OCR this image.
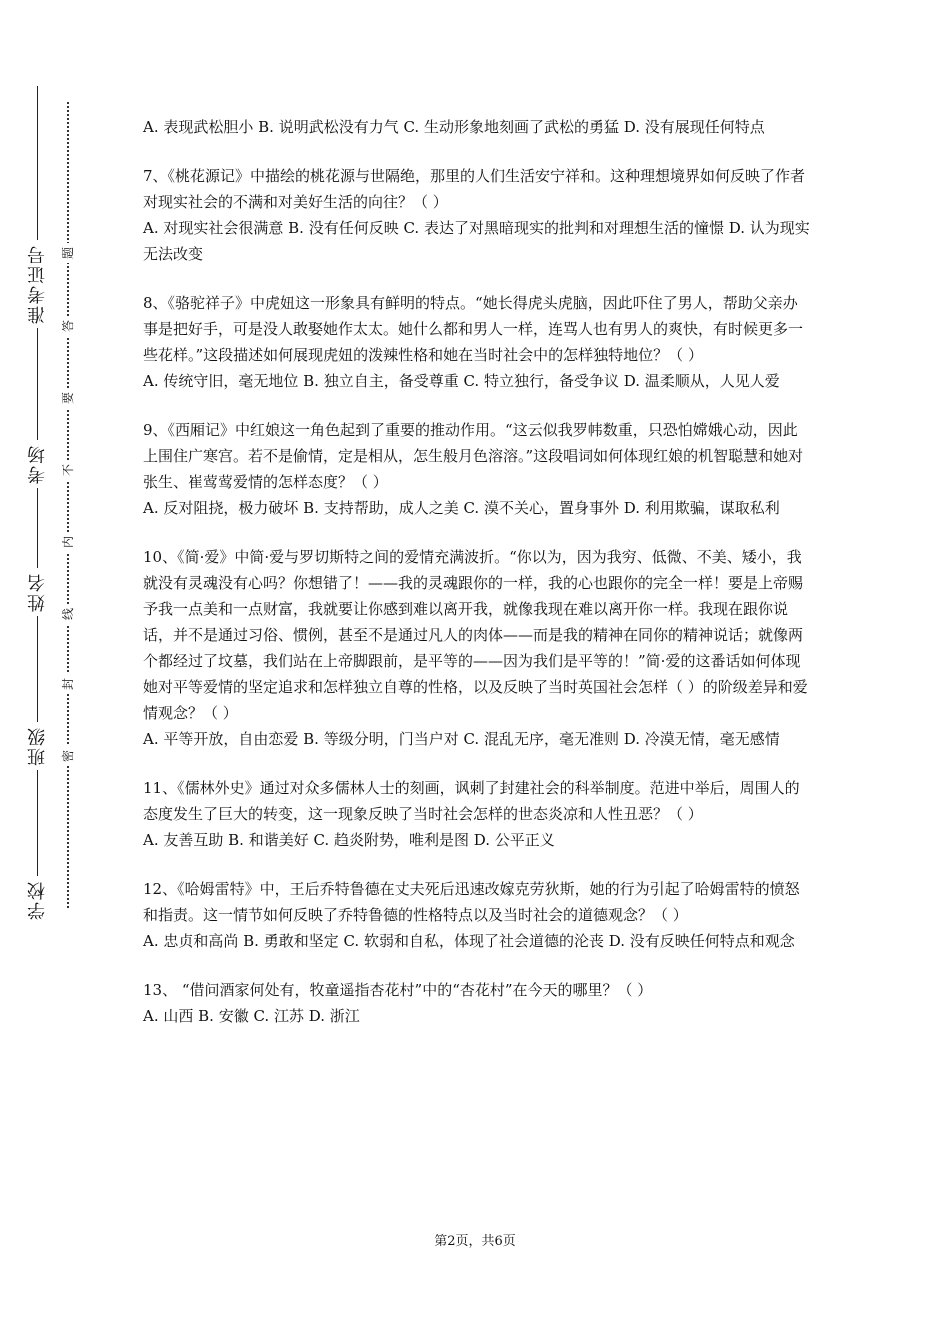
准考证号
考场
姓名
班级
学校
题
答
要
不
内
线
封
密

A. 表现武松胆小 B. 说明武松没有力气 C. 生动形象地刻画了武松的勇猛 D. 没有展现任何特点

7、《桃花源记》中描绘的桃花源与世隔绝，那里的人们生活安宁祥和。这种理想境界如何反映了作者对现实社会的不满和对美好生活的向往？（ ）

A. 对现实社会很满意 B. 没有任何反映 C. 表达了对黑暗现实的批判和对理想生活的憧憬 D. 认为现实无法改变

8、《骆驼祥子》中虎妞这一形象具有鲜明的特点。“她长得虎头虎脑，因此吓住了男人，帮助父亲办事是把好手，可是没人敢娶她作太太。她什么都和男人一样，连骂人也有男人的爽快，有时候更多一些花样。”这段描述如何展现虎妞的泼辣性格和她在当时社会中的怎样独特地位？（ ）

A. 传统守旧，毫无地位 B. 独立自主，备受尊重 C. 特立独行，备受争议 D. 温柔顺从，人见人爱

9、《西厢记》中红娘这一角色起到了重要的推动作用。“这云似我罗帏数重，只恐怕嫦娥心动，因此上围住广寒宫。若不是偷情，定是相从，怎生般月色溶溶。”这段唱词如何体现红娘的机智聪慧和她对张生、崔莺莺爱情的怎样态度？（ ）

A. 反对阻挠，极力破坏 B. 支持帮助，成人之美 C. 漠不关心，置身事外 D. 利用欺骗，谋取私利

10、《简·爱》中简·爱与罗切斯特之间的爱情充满波折。“你以为，因为我穷、低微、不美、矮小，我就没有灵魂没有心吗？你想错了！——我的灵魂跟你的一样，我的心也跟你的完全一样！要是上帝赐予我一点美和一点财富，我就要让你感到难以离开我，就像我现在难以离开你一样。我现在跟你说话，并不是通过习俗、惯例，甚至不是通过凡人的肉体——而是我的精神在同你的精神说话；就像两个都经过了坟墓，我们站在上帝脚跟前，是平等的——因为我们是平等的！”简·爱的这番话如何体现她对平等爱情的坚定追求和怎样独立自尊的性格，以及反映了当时英国社会怎样（ ）的阶级差异和爱情观念？（ ）

A. 平等开放，自由恋爱 B. 等级分明，门当户对 C. 混乱无序，毫无准则 D. 冷漠无情，毫无感情

11、《儒林外史》通过对众多儒林人士的刻画，讽刺了封建社会的科举制度。范进中举后，周围人的态度发生了巨大的转变，这一现象反映了当时社会怎样的世态炎凉和人性丑恶？（ ）

A. 友善互助 B. 和谐美好 C. 趋炎附势，唯利是图 D. 公平正义

12、《哈姆雷特》中，王后乔特鲁德在丈夫死后迅速改嫁克劳狄斯，她的行为引起了哈姆雷特的愤怒和指责。这一情节如何反映了乔特鲁德的性格特点以及当时社会的道德观念？（ ）

A. 忠贞和高尚 B. 勇敢和坚定 C. 软弱和自私，体现了社会道德的沦丧 D. 没有反映任何特点和观念

13、 “借问酒家何处有，牧童遥指杏花村”中的“杏花村”在今天的哪里？（ ）

A. 山西 B. 安徽 C. 江苏 D. 浙江

第2页，共6页
